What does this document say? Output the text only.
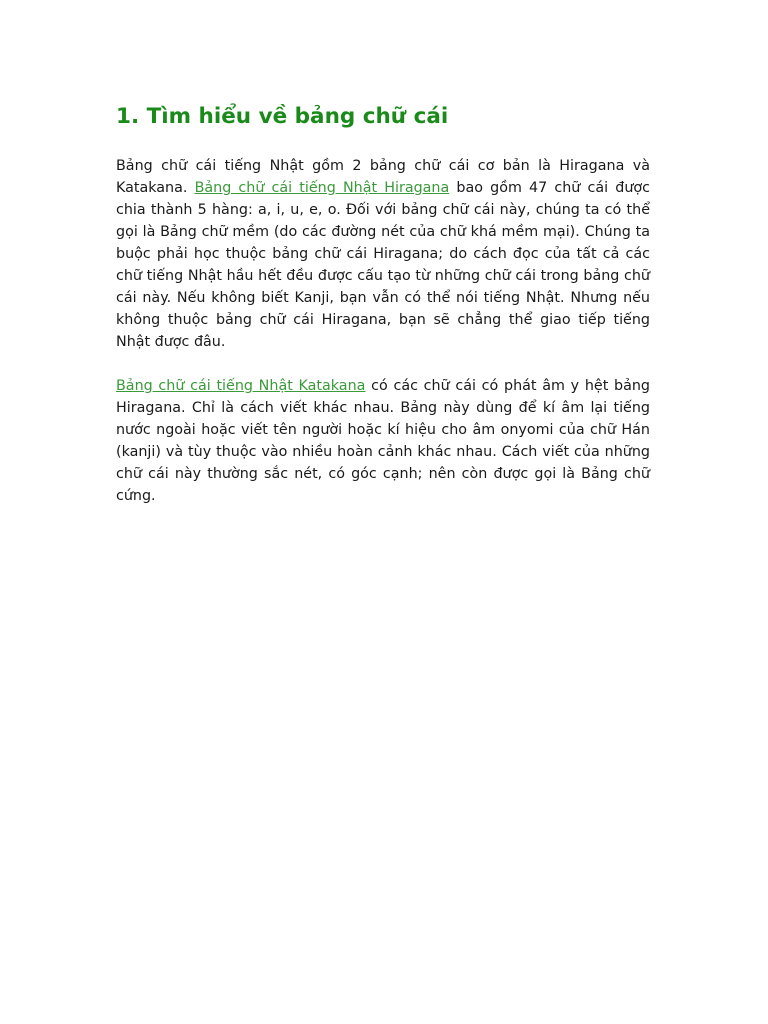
1. Tìm hiểu về bảng chữ cái

Bảng chữ cái tiếng Nhật gồm 2 bảng chữ cái cơ bản là Hiragana và Katakana. Bảng chữ cái tiếng Nhật Hiragana bao gồm 47 chữ cái được chia thành 5 hàng: a, i, u, e, o. Đối với bảng chữ cái này, chúng ta có thể gọi là Bảng chữ mềm (do các đường nét của chữ khá mềm mại). Chúng ta buộc phải học thuộc bảng chữ cái Hiragana; do cách đọc của tất cả các chữ tiếng Nhật hầu hết đều được cấu tạo từ những chữ cái trong bảng chữ cái này. Nếu không biết Kanji, bạn vẫn có thể nói tiếng Nhật. Nhưng nếu không thuộc bảng chữ cái Hiragana, bạn sẽ chẳng thể giao tiếp tiếng Nhật được đâu.

Bảng chữ cái tiếng Nhật Katakana có các chữ cái có phát âm y hệt bảng Hiragana. Chỉ là cách viết khác nhau. Bảng này dùng để kí âm lại tiếng nước ngoài hoặc viết tên người hoặc kí hiệu cho âm onyomi của chữ Hán (kanji) và tùy thuộc vào nhiều hoàn cảnh khác nhau. Cách viết của những chữ cái này thường sắc nét, có góc cạnh; nên còn được gọi là Bảng chữ cứng.
